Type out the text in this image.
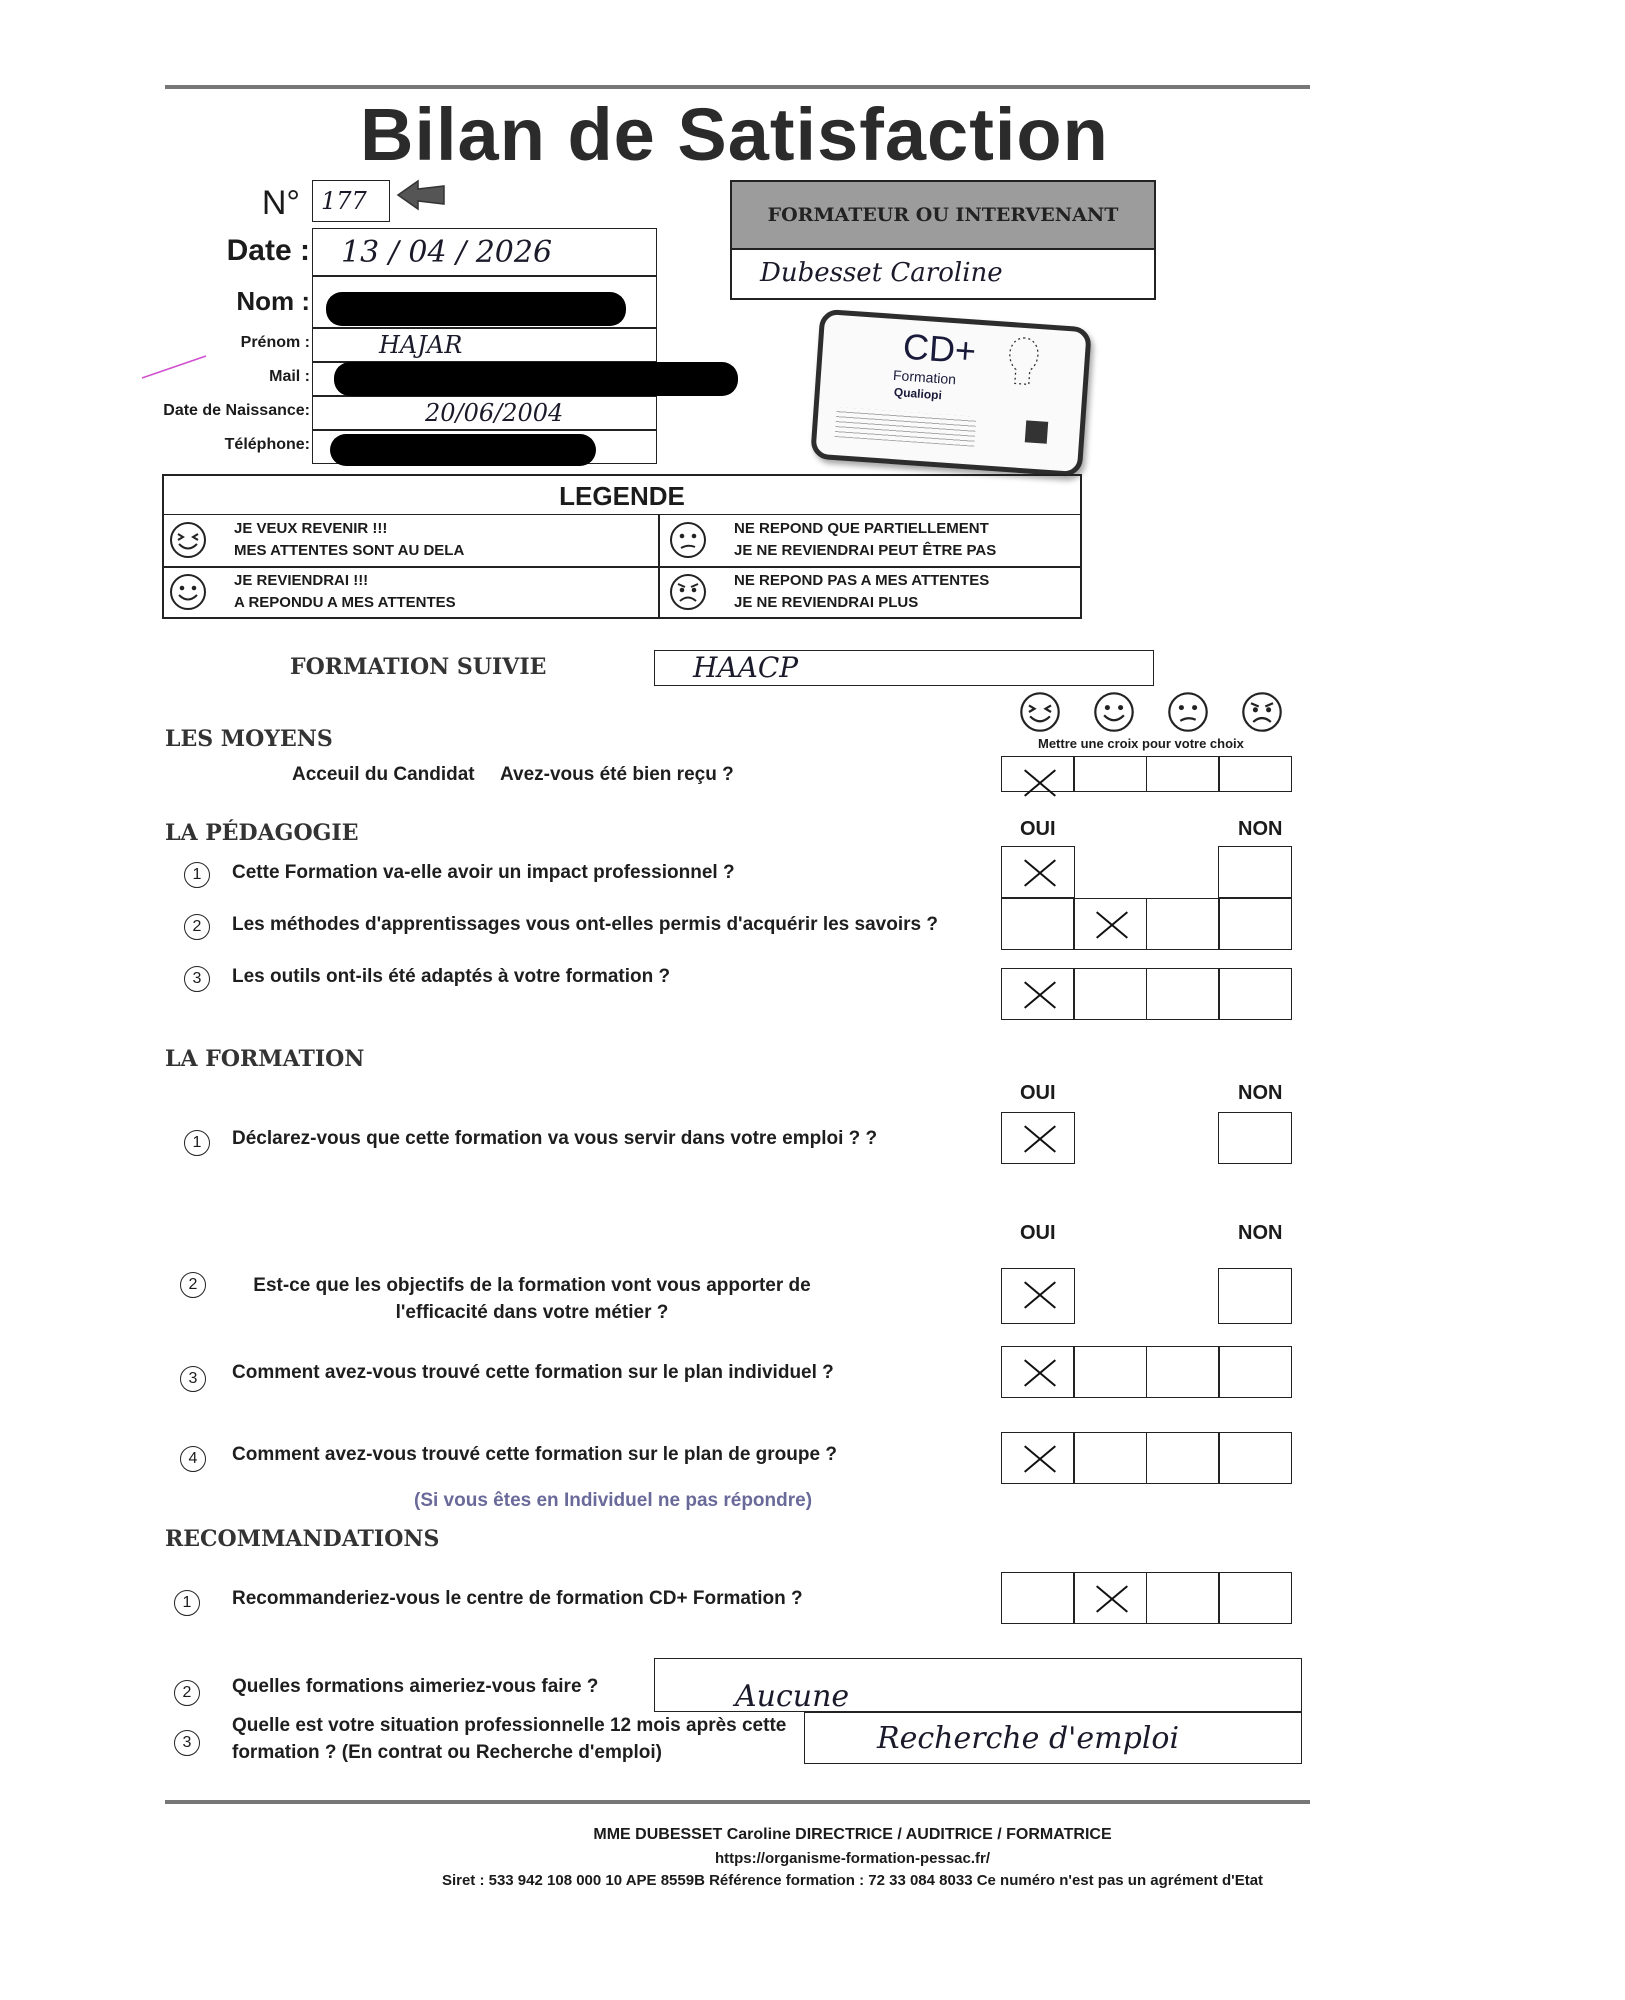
Bilan de Satisfaction
N° 177
Date : 13 / 04 / 2026
Nom :
Prénom :	HAJAR
Mail :
Date de Naissance:	20/06/2004
Téléphone:
FORMATEUR OU INTERVENANT
Dubesset Caroline
CD+
Formation
Qualiopi
LEGENDE
JE VEUX REVENIR !!!
MES ATTENTES SONT AU DELA
NE REPOND QUE PARTIELLEMENT
JE NE REVIENDRAI PEUT ÊTRE PAS
JE REVIENDRAI !!!
A REPONDU A MES ATTENTES
NE REPOND PAS A MES ATTENTES
JE NE REVIENDRAI PLUS
FORMATION SUIVIE	HAACP
Mettre une croix pour votre choix
LES MOYENS
Acceuil du Candidat Avez-vous été bien reçu ?
LA PÉDAGOGIE	OUI	NON
1	Cette Formation va-elle avoir un impact professionnel ?
2	Les méthodes d'apprentissages vous ont-elles permis d'acquérir les savoirs ?
3	Les outils ont-ils été adaptés à votre formation ?
LA FORMATION
OUI	NON
1	Déclarez-vous que cette formation va vous servir dans votre emploi ? ?
OUI	NON
2	Est-ce que les objectifs de la formation vont vous apporter de
l'efficacité dans votre métier ?
3	Comment avez-vous trouvé cette formation sur le plan individuel ?
4	Comment avez-vous trouvé cette formation sur le plan de groupe ?
(Si vous êtes en Individuel ne pas répondre)
RECOMMANDATIONS
1	Recommanderiez-vous le centre de formation CD+ Formation ?
2	Quelles formations aimeriez-vous faire ?	Aucune
3
Quelle est votre situation professionnelle 12 mois après cette
formation ? (En contrat ou Recherche d'emploi)	Recherche d'emploi
MME DUBESSET Caroline DIRECTRICE / AUDITRICE / FORMATRICE
https://organisme-formation-pessac.fr/
Siret : 533 942 108 000 10 APE 8559B Référence formation : 72 33 084 8033 Ce numéro n'est pas un agrément d'Etat
